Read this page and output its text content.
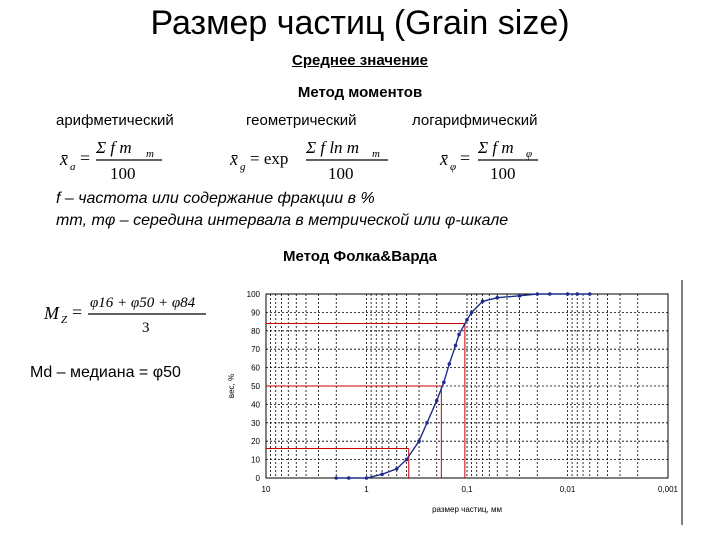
Размер частиц (Grain size)
Среднее значение
Метод моментов
арифметический	геометрический	логарифмический
x̄ a =
Σ f m m
100
x̄ g = exp
Σ f ln m m
100
x̄ φ =
Σ f m φ
100
f – частота или содержание фракции в %
mm, mφ – середина интервала в метрической или φ-шкале
Метод Фолка&Варда
M Z = φ16 + φ50 + φ84
3
Md – медиана = φ50
0
10
20
30
40
50
60
70
80
90
100
10	1	0,1	0,01	0,001
размер частиц, мм
вес, %
